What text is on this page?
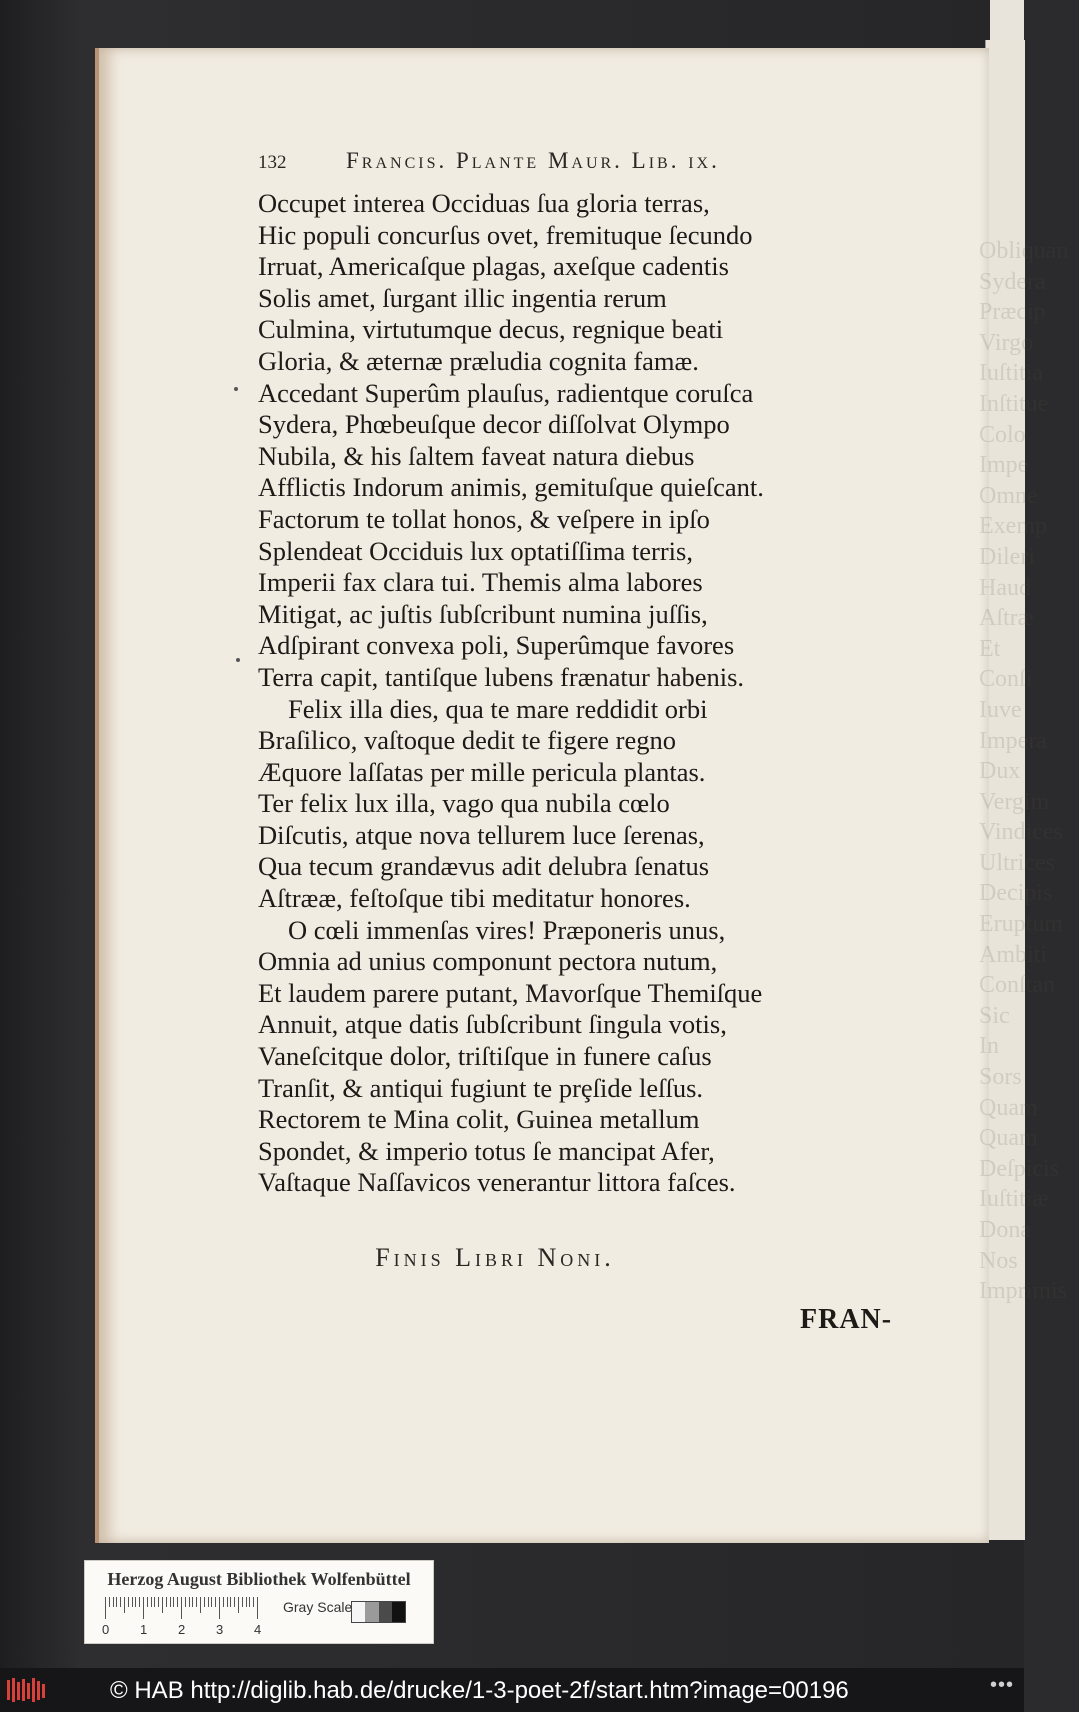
Obliquan
Sydera
Præcip
Virgo
Iuſtitia
Inſtitue
Colo
Impe
Omne
Exemp
Dileri
Haud
Aſtræ
Et
Conſi
Iuve
Impera
Dux
Vergim
Vindices
Ultrices
Decipis
Eruptum
Ambiti
Conſtan
Sic
In
Sors
Quam
Quam
Deſpicis
Iuſtitiæ
Dona
Nos
Imprimis
132	Francis. Plante Maur. Lib. ix.
Occupet interea Occiduas ſua gloria terras,
Hic populi concurſus ovet, fremituque ſecundo
Irruat, Americaſque plagas, axeſque cadentis
Solis amet, ſurgant illic ingentia rerum
Culmina, virtutumque decus, regnique beati
Gloria, & æternæ præludia cognita famæ.
Accedant Superûm plauſus, radientque coruſca
Sydera, Phœbeuſque decor diſſolvat Olympo
Nubila, & his ſaltem faveat natura diebus
Afflictis Indorum animis, gemituſque quieſcant.
Factorum te tollat honos, & veſpere in ipſo
Splendeat Occiduis lux optatiſſima terris,
Imperii fax clara tui. Themis alma labores
Mitigat, ac juſtis ſubſcribunt numina juſſis,
Adſpirant convexa poli, Superûmque favores
Terra capit, tantiſque lubens frænatur habenis.
Felix illa dies, qua te mare reddidit orbi
Braſilico, vaſtoque dedit te figere regno
Æquore laſſatas per mille pericula plantas.
Ter felix lux illa, vago qua nubila cœlo
Diſcutis, atque nova tellurem luce ſerenas,
Qua tecum grandævus adit delubra ſenatus
Aſtrææ, feſtoſque tibi meditatur honores.
O cœli immenſas vires! Præponeris unus,
Omnia ad unius componunt pectora nutum,
Et laudem parere putant, Mavorſque Themiſque
Annuit, atque datis ſubſcribunt ſingula votis,
Vaneſcitque dolor, triſtiſque in funere caſus
Tranſit, & antiqui fugiunt te prȩſide leſſus.
Rectorem te Mina colit, Guinea metallum
Spondet, & imperio totus ſe mancipat Afer,
Vaſtaque Naſſavicos venerantur littora faſces.
Finis Libri Noni.
FRAN-
Herzog August Bibliothek Wolfenbüttel
0 1 2 3 4
Gray Scale
© HAB http://diglib.hab.de/drucke/1-3-poet-2f/start.htm?image=00196	•••
